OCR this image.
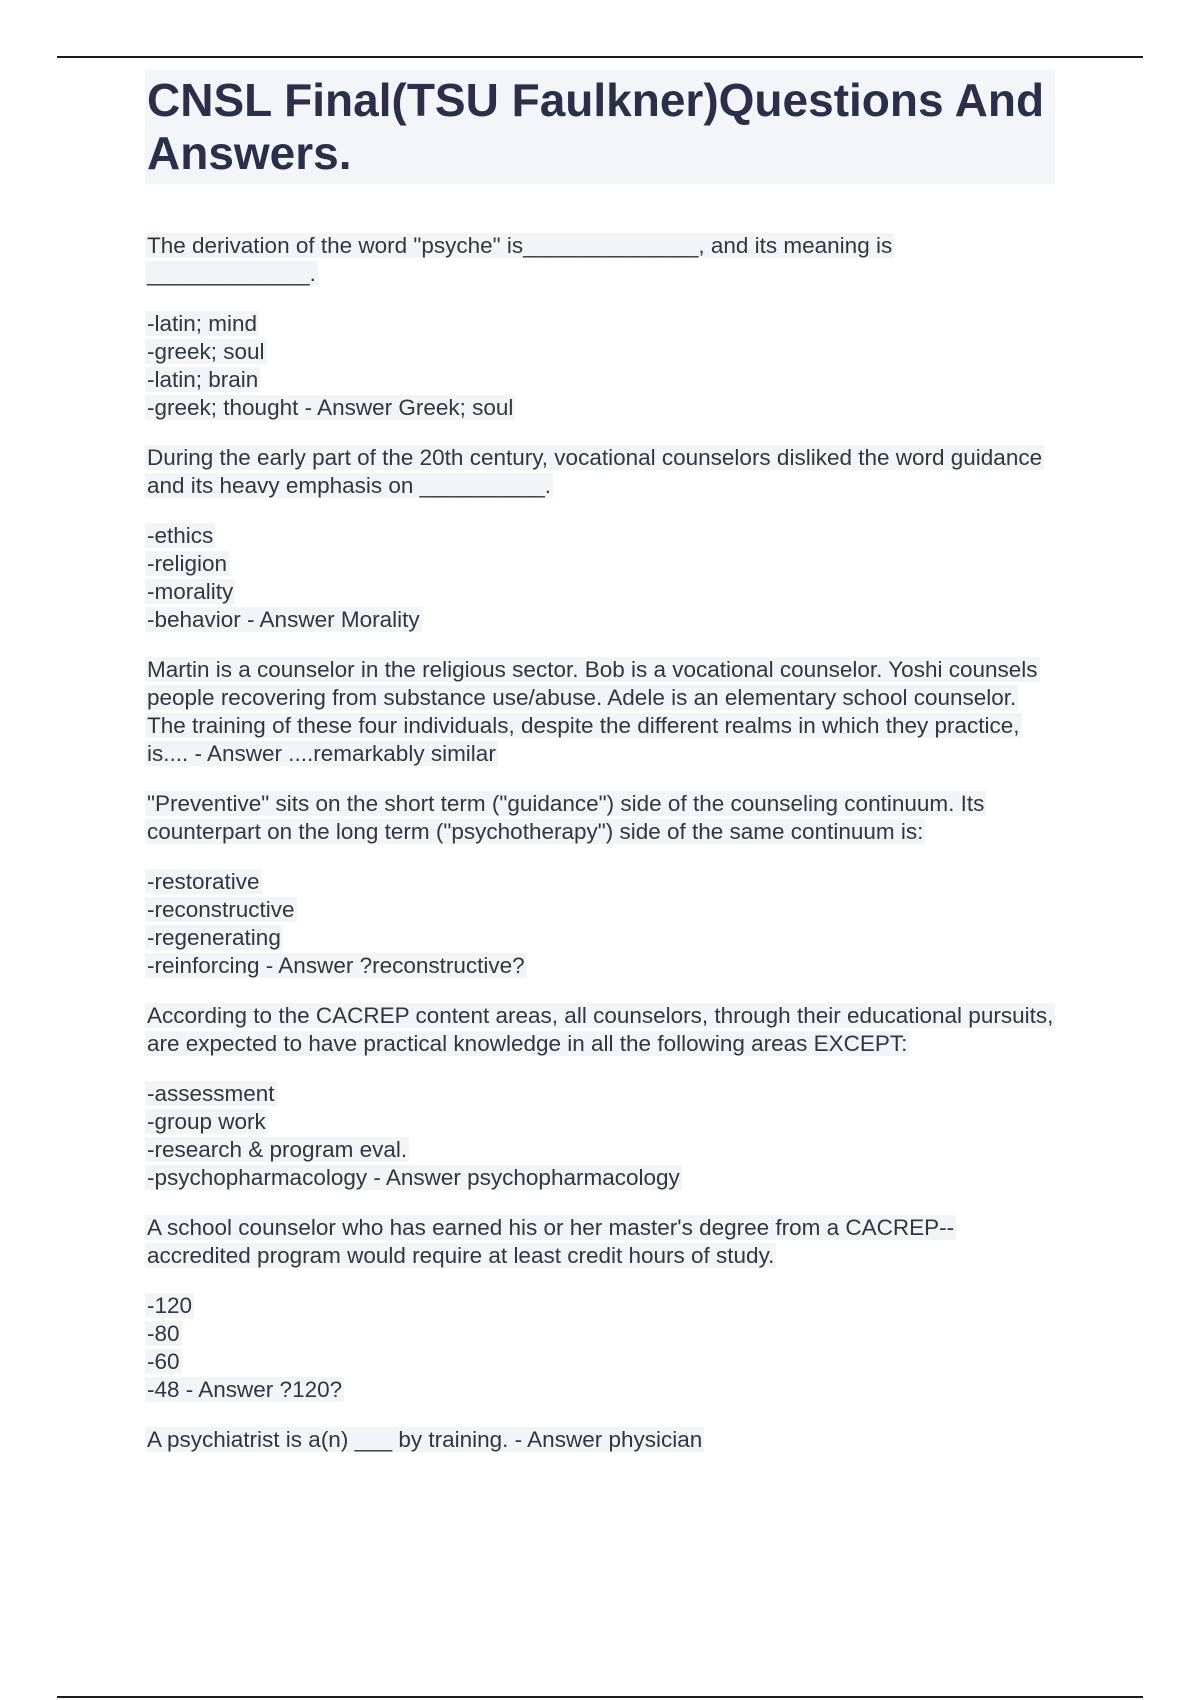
CNSL Final(TSU Faulkner)Questions And Answers.

The derivation of the word "psyche" is______________, and its meaning is _____________.

-latin; mind
-greek; soul
-latin; brain
-greek; thought - Answer Greek; soul

During the early part of the 20th century, vocational counselors disliked the word guidance and its heavy emphasis on __________.

-ethics
-religion
-morality
-behavior - Answer Morality

Martin is a counselor in the religious sector. Bob is a vocational counselor. Yoshi counsels people recovering from substance use/abuse. Adele is an elementary school counselor. The training of these four individuals, despite the different realms in which they practice, is.... - Answer ....remarkably similar

"Preventive" sits on the short term ("guidance") side of the counseling continuum. Its counterpart on the long term ("psychotherapy") side of the same continuum is:

-restorative
-reconstructive
-regenerating
-reinforcing - Answer ?reconstructive?

According to the CACREP content areas, all counselors, through their educational pursuits, are expected to have practical knowledge in all the following areas EXCEPT:

-assessment
-group work
-research & program eval.
-psychopharmacology - Answer psychopharmacology

A school counselor who has earned his or her master's degree from a CACREP--accredited program would require at least credit hours of study.

-120
-80
-60
-48 - Answer ?120?

A psychiatrist is a(n) ___ by training. - Answer physician
